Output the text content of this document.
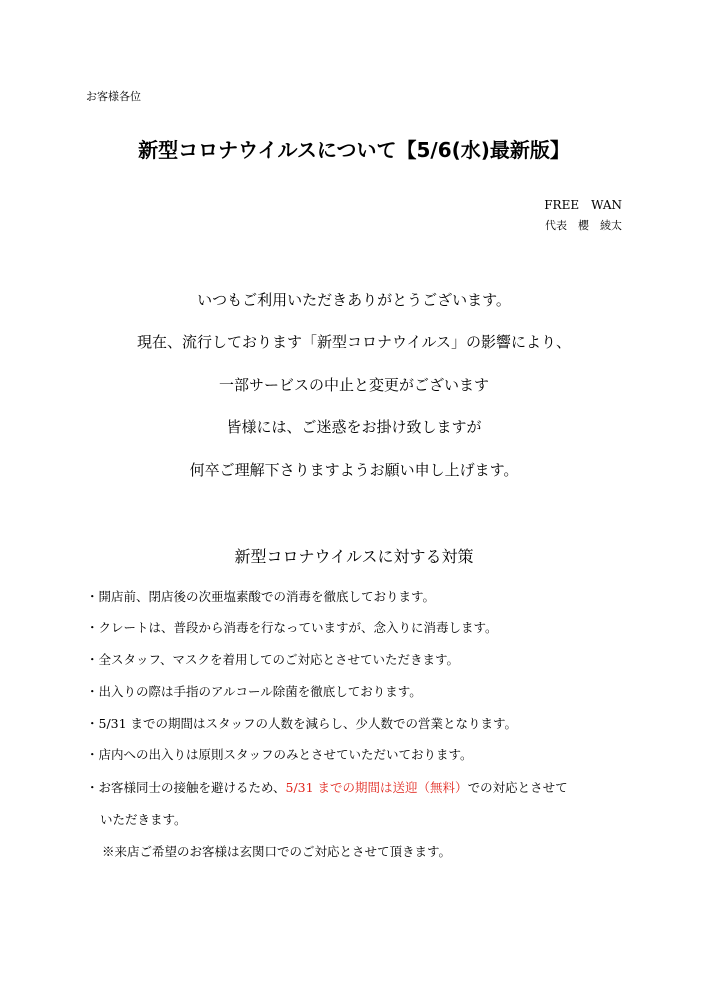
お客様各位
新型コロナウイルスについて【5/6(水)最新版】
FREE　WAN
代表　櫻　綾太
いつもご利用いただきありがとうございます。
現在、流行しております「新型コロナウイルス」の影響により、
一部サービスの中止と変更がございます
皆様には、ご迷惑をお掛け致しますが
何卒ご理解下さりますようお願い申し上げます。
新型コロナウイルスに対する対策
・開店前、閉店後の次亜塩素酸での消毒を徹底しております。
・クレートは、普段から消毒を行なっていますが、念入りに消毒します。
・全スタッフ、マスクを着用してのご対応とさせていただきます。
・出入りの際は手指のアルコール除菌を徹底しております。
・5/31 までの期間はスタッフの人数を減らし、少人数での営業となります。
・店内への出入りは原則スタッフのみとさせていただいております。
・お客様同士の接触を避けるため、5/31 までの期間は送迎（無料）での対応とさせて
いただきます。
※来店ご希望のお客様は玄関口でのご対応とさせて頂きます。
